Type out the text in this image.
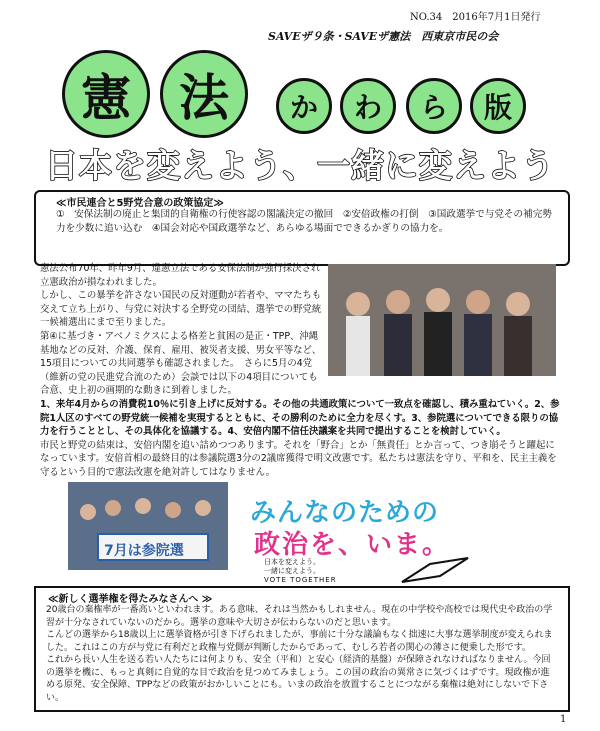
NO.34　2016年7月1日発行
SAVEザ９条・SAVEザ憲法　西東京市民の会
憲 法	か	わ	ら	版
日本を変えよう、一緒に変えよう
≪市民連合と5野党合意の政策協定≫
①　安保法制の廃止と集団的自衛権の行使容認の閣議決定の撤回　②安倍政権の打倒　③国政選挙で与党その補完勢力を少数に追い込む　④国会対応や国政選挙など、あらゆる場面でできるかぎりの協力を。
憲法公布70年、昨年9月、違憲立法である安保法制が強行採決され立憲政治が損なわれました。
しかし、この暴挙を許さない国民の反対運動が若者や、ママたちも交えて立ち上がり、与党に対決する全野党の団結、選挙での野党統一候補選出にまで至りました。
第④に基づき・アベノミクスによる格差と貧困の是正・TPP、沖縄基地などの反対、介護、保育、雇用、被災者支援、男女平等など、15項目についての共同選挙も確認されました。　さらに5月の4党（維新の党の民進党合流のため）会談では以下の4項目についても合意、史上初の画期的な動きに到着しました。
1、来年4月からの消費税10％に引き上げに反対する。その他の共通政策について一致点を確認し、積み重ねていく。2、参院1人区のすべての野党統一候補を実現するとともに、その勝利のために全力を尽くす。3、参院選についてできる限りの協力を行うこととし、その具体化を協議する。4、安倍内閣不信任決議案を共同で提出することを検討していく。
市民と野党の結束は、安倍内閣を追い詰めつつあります。それを「野合」とか「無責任」とか言って、つき崩そうと躍起になっています。安倍首相の最終目的は参議院選3分の2議席獲得で明文改憲です。私たちは憲法を守り、平和を、民主主義を守るという目的で憲法改憲を絶対許してはなりません。
7月は参院選
みんなのための
政治を、いま。
日本を変えよう。
一緒に変えよう。
VOTE TOGETHER
≪新しく選挙権を得たみなさんへ ≫
20歳台の棄権率が一番高いといわれます。ある意味、それは当然かもしれません。現在の中学校や高校では現代史や政治の学習が十分なされていないのだから。選挙の意味や大切さが伝わらないのだと思います。
こんどの選挙から18歳以上に選挙資格が引き下げられましたが、事前に十分な議論もなく拙速に大事な選挙制度が変えられました。これはこの方が与党に有利だと政権与党側が判断したからであって、むしろ若者の関心の薄さに便乗した形です。
これから長い人生を送る若い人たちには何よりも、安全（平和）と安心（経済的基盤）が保障されなければなりません。今回の選挙を機に、もっと真剣に自覚的な目で政治を見つめてみましょう。この国の政治の異常さに気づくはずです。現政権が進める原発、安全保障、TPPなどの政策がおかしいことにも。いまの政治を放置することにつながる棄権は絶対にしないで下さい。
1
